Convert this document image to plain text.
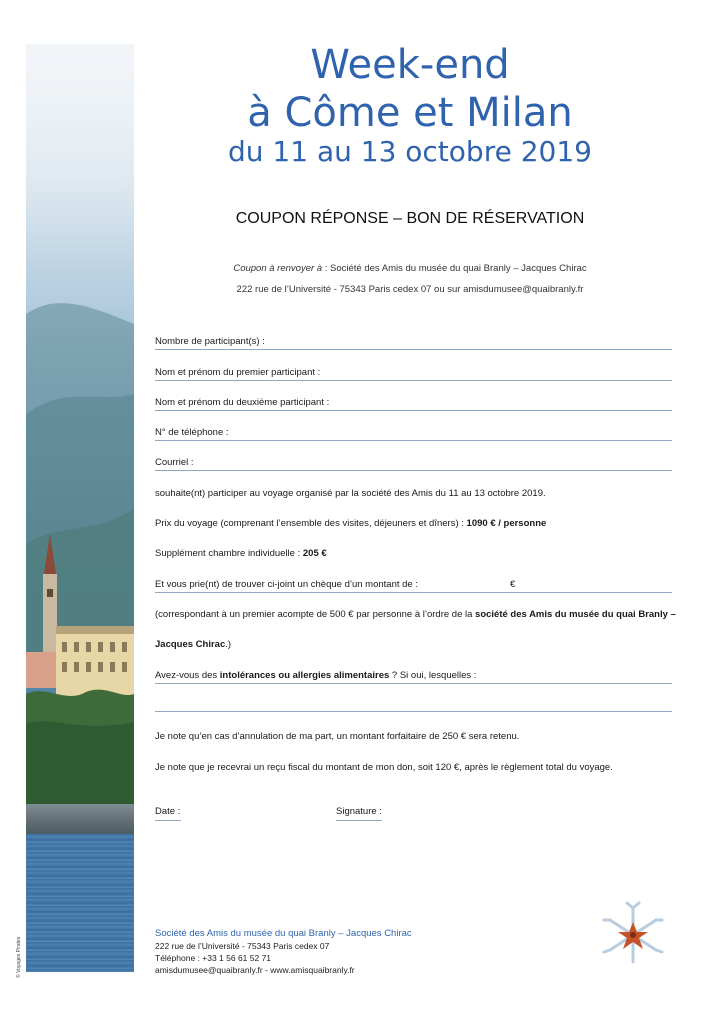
© Voyages Pirates
Week-end
à Côme et Milan
du 11 au 13 octobre 2019
COUPON RÉPONSE – BON DE RÉSERVATION
Coupon à renvoyer à : Société des Amis du musée du quai Branly – Jacques Chirac
222 rue de l’Université - 75343 Paris cedex 07 ou sur amisdumusee@quaibranly.fr
Nombre de participant(s) :
Nom et prénom du premier participant :
Nom et prénom du deuxième participant :
N° de téléphone :
Courriel :
souhaite(nt) participer au voyage organisé par la société des Amis du 11 au 13 octobre 2019.
Prix du voyage (comprenant l’ensemble des visites, déjeuners et dîners) : 1090 € / personne
Supplément chambre individuelle : 205 €
Et vous prie(nt) de trouver ci-joint un chèque d’un montant de :	€
(correspondant à un premier acompte de 500 € par personne à l’ordre de la société des Amis du musée du quai Branly –
Jacques Chirac.)
Avez-vous des intolérances ou allergies alimentaires ? Si oui, lesquelles :
Je note qu’en cas d’annulation de ma part, un montant forfaitaire de 250 € sera retenu.
Je note que je recevrai un reçu fiscal du montant de mon don, soit 120 €, après le règlement total du voyage.
Date :	Signature :
Société des Amis du musée du quai Branly – Jacques Chirac
222 rue de l’Université - 75343 Paris cedex 07
Téléphone : +33 1 56 61 52 71
amisdumusee@quaibranly.fr - www.amisquaibranly.fr
